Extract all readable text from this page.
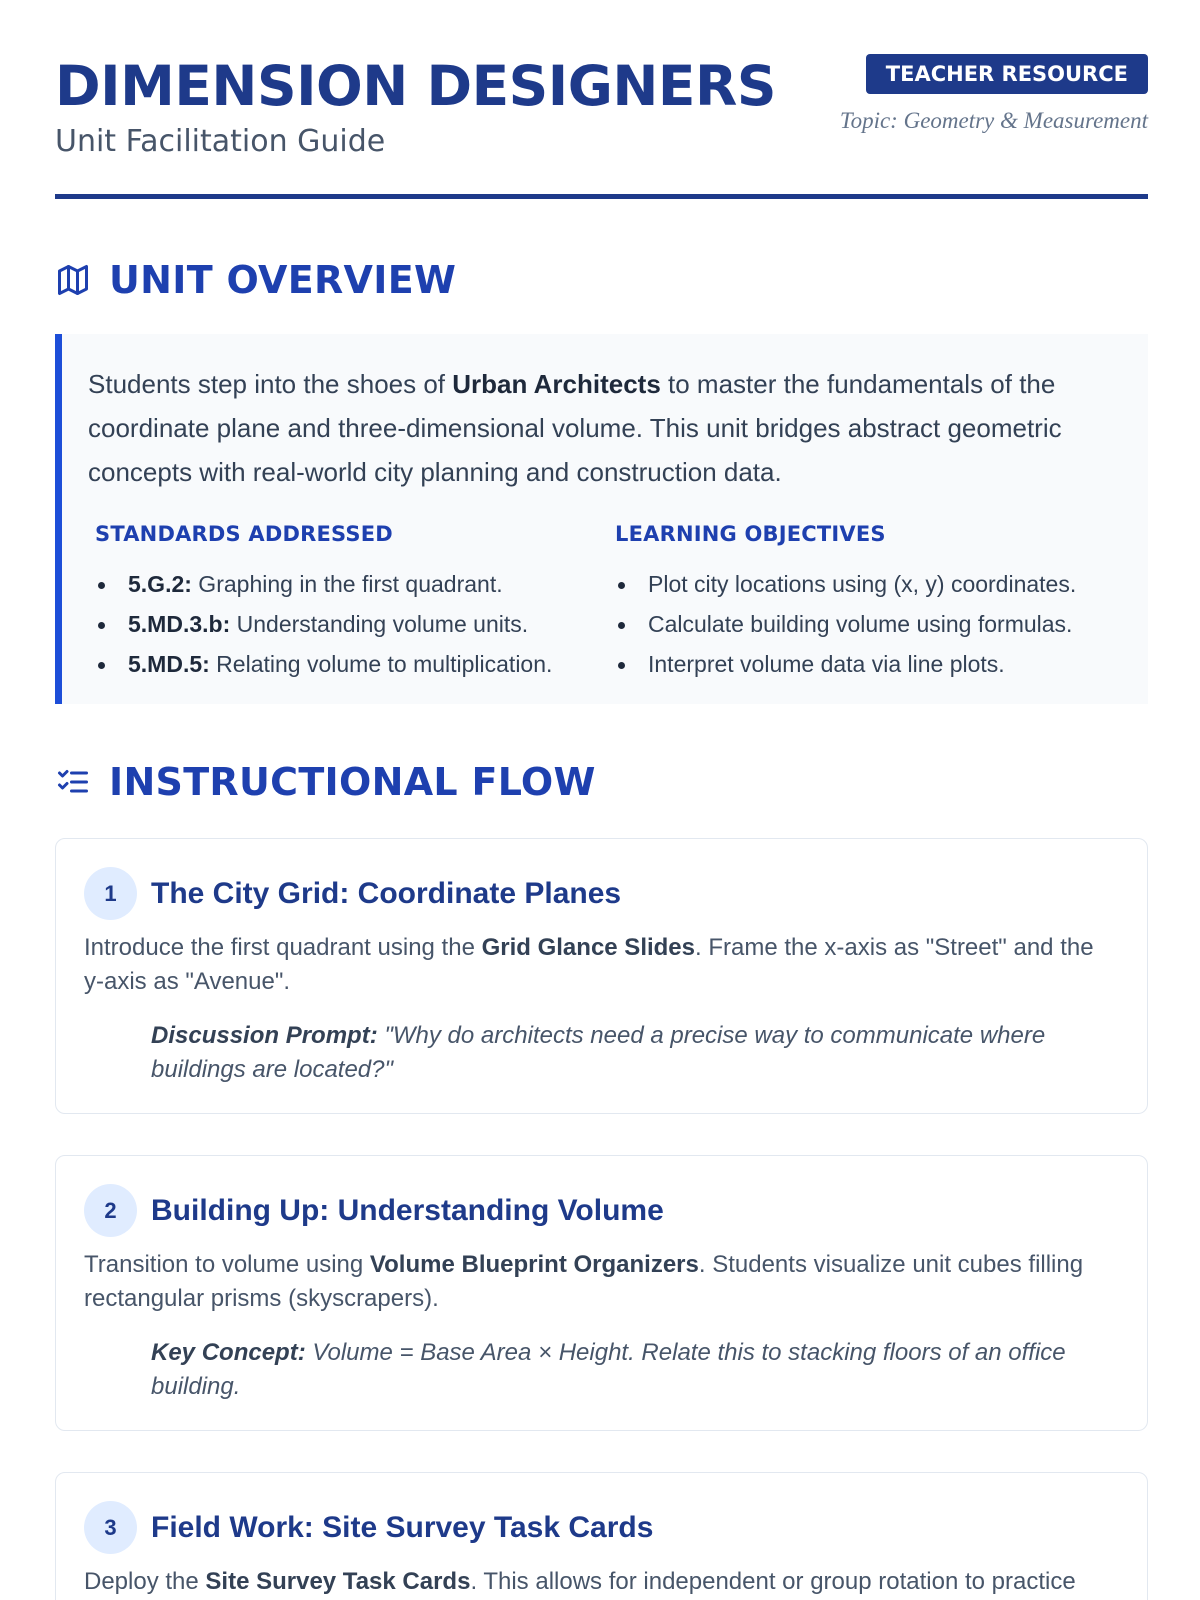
DIMENSION DESIGNERS
Unit Facilitation Guide
TEACHER RESOURCE
Topic: Geometry & Measurement
UNIT OVERVIEW

Students step into the shoes of Urban Architects to master the fundamentals of the coordinate plane and three-dimensional volume. This unit bridges abstract geometric concepts with real-world city planning and construction data.

STANDARDS ADDRESSED
5.G.2: Graphing in the first quadrant.
5.MD.3.b: Understanding volume units.
5.MD.5: Relating volume to multiplication.
LEARNING OBJECTIVES
Plot city locations using (x, y) coordinates.
Calculate building volume using formulas.
Interpret volume data via line plots.
INSTRUCTIONAL FLOW
1	The City Grid: Coordinate Planes

Introduce the first quadrant using the Grid Glance Slides. Frame the x-axis as "Street" and the y-axis as "Avenue".

Discussion Prompt: "Why do architects need a precise way to communicate where buildings are located?"

2	Building Up: Understanding Volume

Transition to volume using Volume Blueprint Organizers. Students visualize unit cubes filling rectangular prisms (skyscrapers).

Key Concept: Volume = Base Area × Height. Relate this to stacking floors of an office building.

3	Field Work: Site Survey Task Cards

Deploy the Site Survey Task Cards. This allows for independent or group rotation to practice
